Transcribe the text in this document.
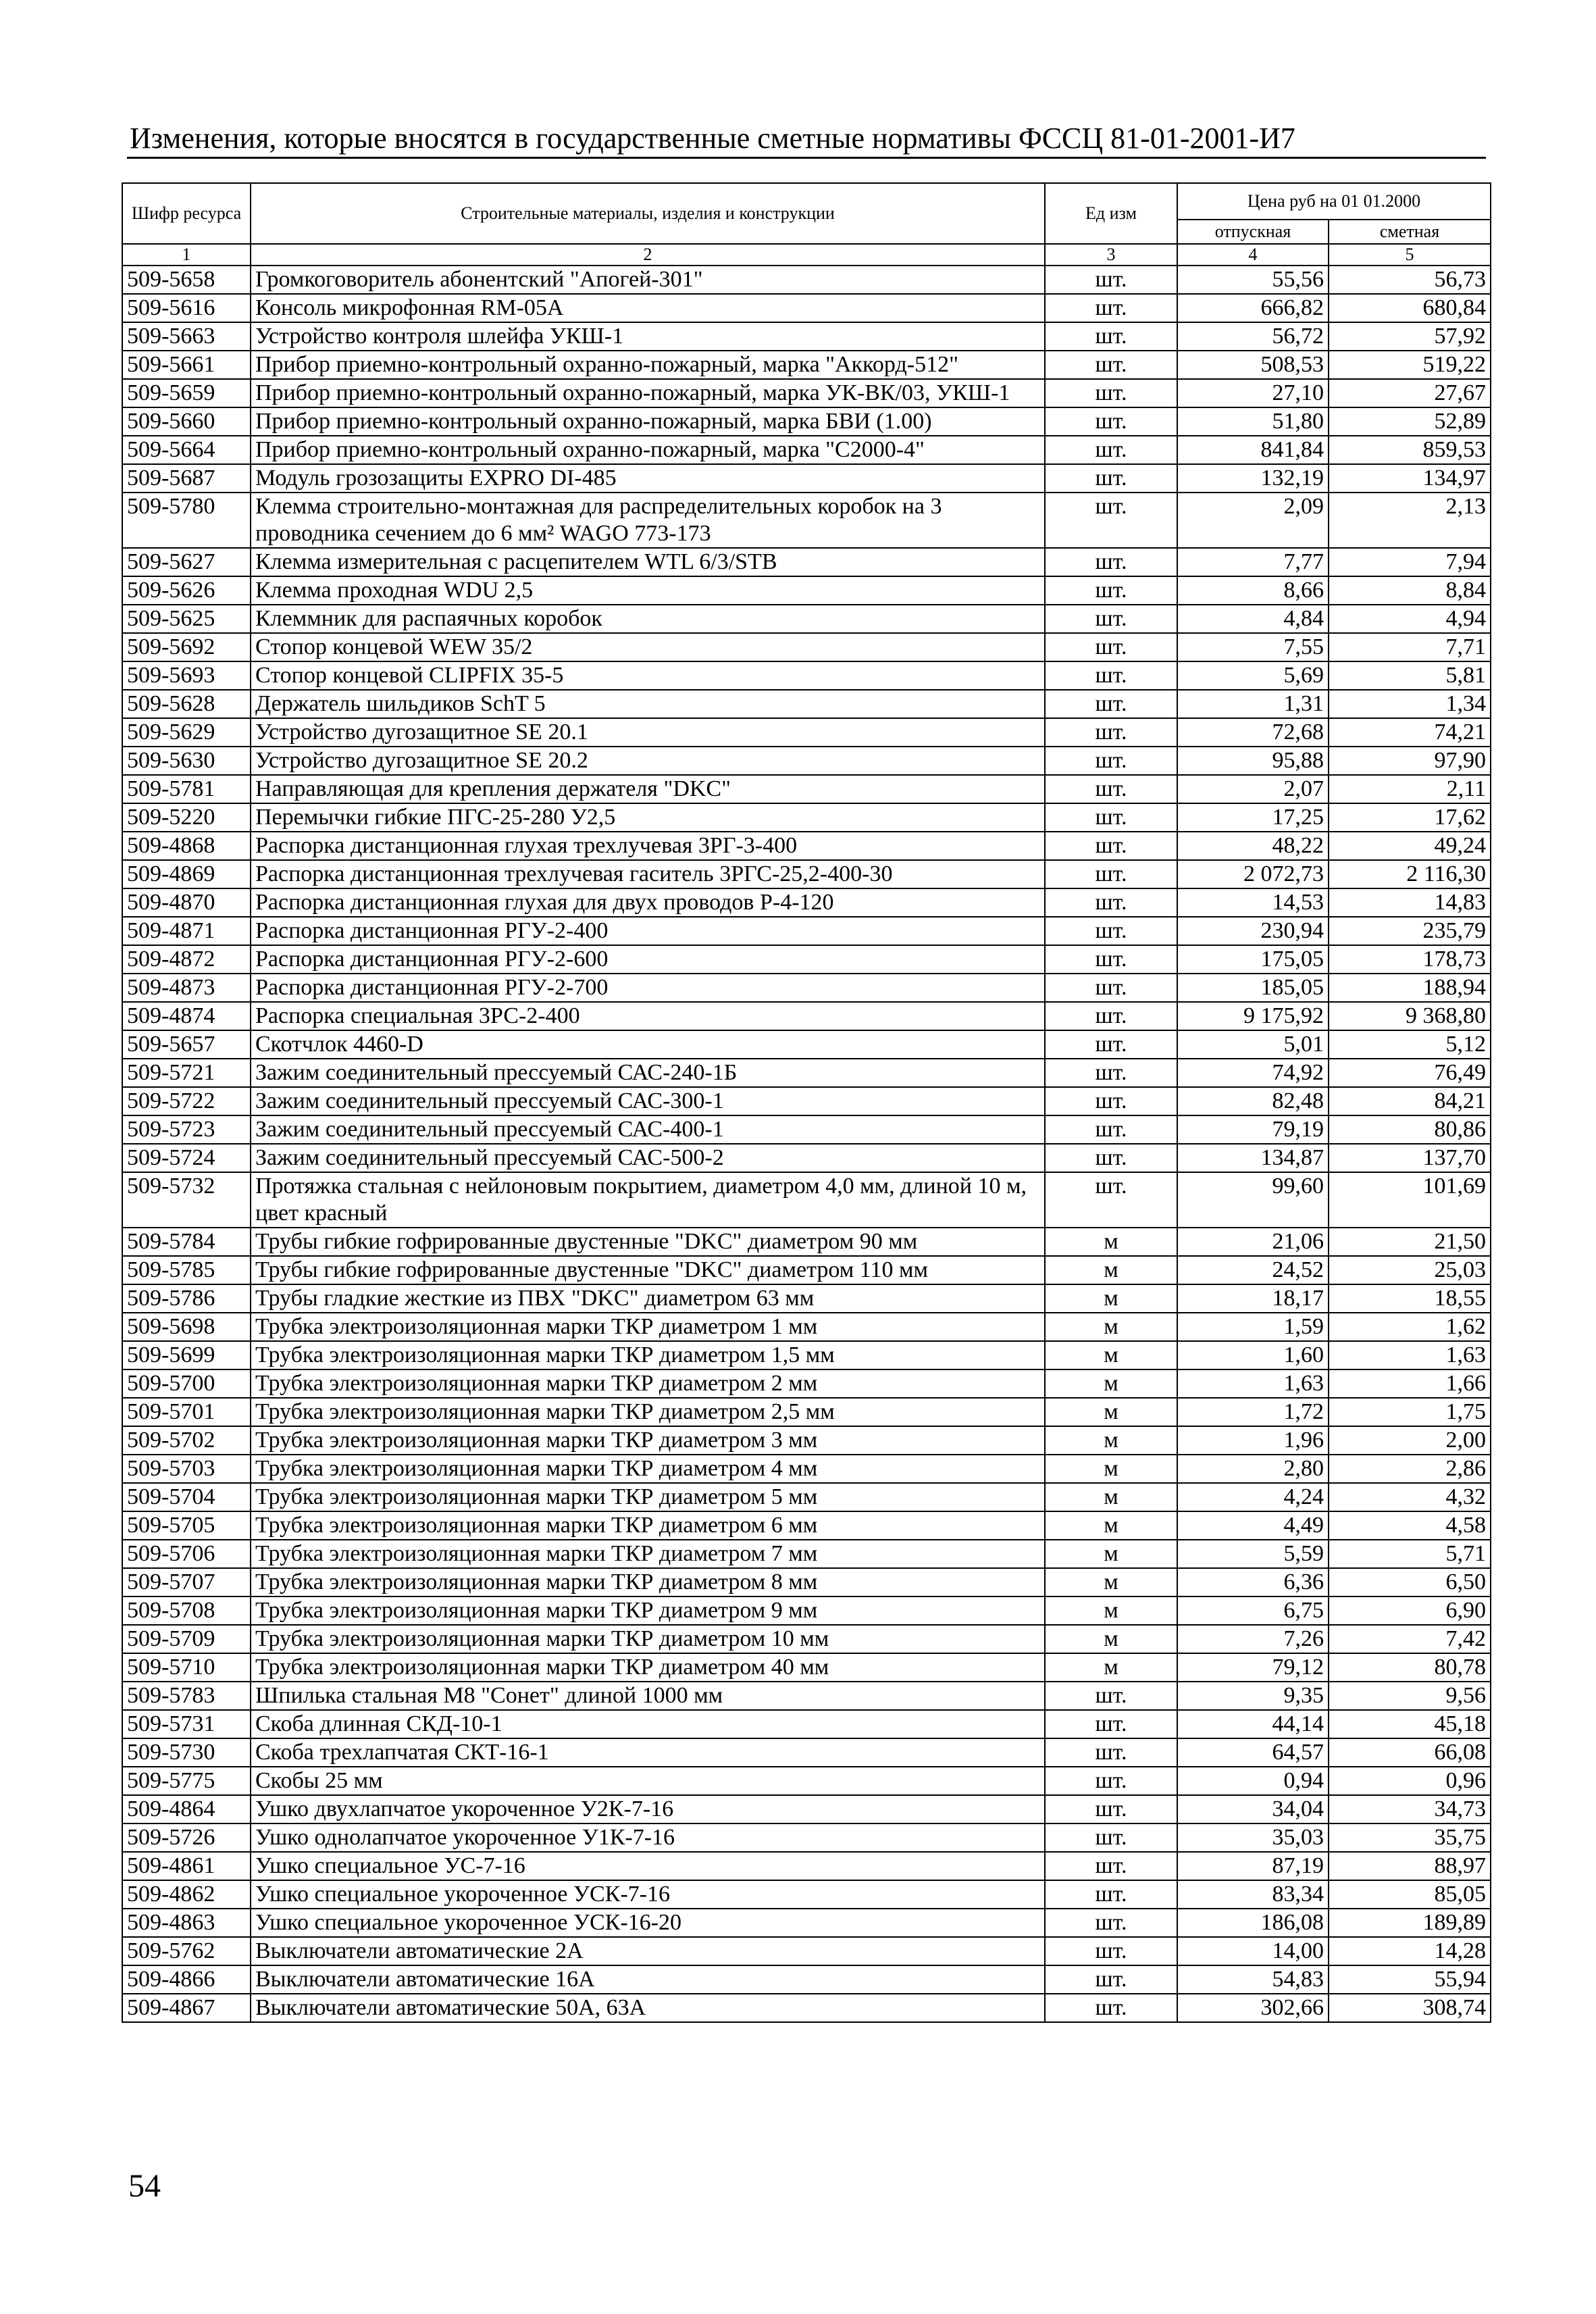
Изменения, которые вносятся в государственные сметные нормативы ФССЦ 81-01-2001-И7
Шифр ресурса	Строительные материалы, изделия и конструкции	Ед изм	Цена руб на 01 01.2000	
			отпускная	сметная
1	2	3	4	5
509-5658	Громкоговоритель абонентский "Апогей-301"	шт.	55,56	56,73
509-5616	Консоль микрофонная RM-05A	шт.	666,82	680,84
509-5663	Устройство контроля шлейфа УКШ-1	шт.	56,72	57,92
509-5661	Прибор приемно-контрольный охранно-пожарный, марка "Аккорд-512"	шт.	508,53	519,22
509-5659	Прибор приемно-контрольный охранно-пожарный, марка УК-ВК/03, УКШ-1	шт.	27,10	27,67
509-5660	Прибор приемно-контрольный охранно-пожарный, марка БВИ (1.00)	шт.	51,80	52,89
509-5664	Прибор приемно-контрольный охранно-пожарный, марка "С2000-4"	шт.	841,84	859,53
509-5687	Модуль грозозащиты EXPRO DI-485	шт.	132,19	134,97
509-5780	Клемма строительно-монтажная для распределительных коробок на 3 проводника сечением до 6 мм² WAGO 773-173	шт.	2,09	2,13
509-5627	Клемма измерительная с расцепителем WTL 6/3/STB	шт.	7,77	7,94
509-5626	Клемма проходная WDU 2,5	шт.	8,66	8,84
509-5625	Клеммник для распаячных коробок	шт.	4,84	4,94
509-5692	Стопор концевой WEW 35/2	шт.	7,55	7,71
509-5693	Стопор концевой CLIPFIX 35-5	шт.	5,69	5,81
509-5628	Держатель шильдиков SchT 5	шт.	1,31	1,34
509-5629	Устройство дугозащитное SE 20.1	шт.	72,68	74,21
509-5630	Устройство дугозащитное SE 20.2	шт.	95,88	97,90
509-5781	Направляющая для крепления держателя "DKC"	шт.	2,07	2,11
509-5220	Перемычки гибкие ПГС-25-280 У2,5	шт.	17,25	17,62
509-4868	Распорка дистанционная глухая трехлучевая 3РГ-3-400	шт.	48,22	49,24
509-4869	Распорка дистанционная трехлучевая гаситель 3РГС-25,2-400-30	шт.	2 072,73	2 116,30
509-4870	Распорка дистанционная глухая для двух проводов Р-4-120	шт.	14,53	14,83
509-4871	Распорка дистанционная РГУ-2-400	шт.	230,94	235,79
509-4872	Распорка дистанционная РГУ-2-600	шт.	175,05	178,73
509-4873	Распорка дистанционная РГУ-2-700	шт.	185,05	188,94
509-4874	Распорка специальная 3РС-2-400	шт.	9 175,92	9 368,80
509-5657	Скотчлок 4460-D	шт.	5,01	5,12
509-5721	Зажим соединительный прессуемый САС-240-1Б	шт.	74,92	76,49
509-5722	Зажим соединительный прессуемый САС-300-1	шт.	82,48	84,21
509-5723	Зажим соединительный прессуемый САС-400-1	шт.	79,19	80,86
509-5724	Зажим соединительный прессуемый САС-500-2	шт.	134,87	137,70
509-5732	Протяжка стальная с нейлоновым покрытием, диаметром 4,0 мм, длиной 10 м, цвет красный	шт.	99,60	101,69
509-5784	Трубы гибкие гофрированные двустенные "DKC" диаметром 90 мм	м	21,06	21,50
509-5785	Трубы гибкие гофрированные двустенные "DKC" диаметром 110 мм	м	24,52	25,03
509-5786	Трубы гладкие жесткие из ПВХ "DKC" диаметром 63 мм	м	18,17	18,55
509-5698	Трубка электроизоляционная марки ТКР диаметром 1 мм	м	1,59	1,62
509-5699	Трубка электроизоляционная марки ТКР диаметром 1,5 мм	м	1,60	1,63
509-5700	Трубка электроизоляционная марки ТКР диаметром 2 мм	м	1,63	1,66
509-5701	Трубка электроизоляционная марки ТКР диаметром 2,5 мм	м	1,72	1,75
509-5702	Трубка электроизоляционная марки ТКР диаметром 3 мм	м	1,96	2,00
509-5703	Трубка электроизоляционная марки ТКР диаметром 4 мм	м	2,80	2,86
509-5704	Трубка электроизоляционная марки ТКР диаметром 5 мм	м	4,24	4,32
509-5705	Трубка электроизоляционная марки ТКР диаметром 6 мм	м	4,49	4,58
509-5706	Трубка электроизоляционная марки ТКР диаметром 7 мм	м	5,59	5,71
509-5707	Трубка электроизоляционная марки ТКР диаметром 8 мм	м	6,36	6,50
509-5708	Трубка электроизоляционная марки ТКР диаметром 9 мм	м	6,75	6,90
509-5709	Трубка электроизоляционная марки ТКР диаметром 10 мм	м	7,26	7,42
509-5710	Трубка электроизоляционная марки ТКР диаметром 40 мм	м	79,12	80,78
509-5783	Шпилька стальная М8 "Сонет" длиной 1000 мм	шт.	9,35	9,56
509-5731	Скоба длинная СКД-10-1	шт.	44,14	45,18
509-5730	Скоба трехлапчатая СКТ-16-1	шт.	64,57	66,08
509-5775	Скобы 25 мм	шт.	0,94	0,96
509-4864	Ушко двухлапчатое укороченное У2К-7-16	шт.	34,04	34,73
509-5726	Ушко однолапчатое укороченное У1К-7-16	шт.	35,03	35,75
509-4861	Ушко специальное УС-7-16	шт.	87,19	88,97
509-4862	Ушко специальное укороченное УСК-7-16	шт.	83,34	85,05
509-4863	Ушко специальное укороченное УСК-16-20	шт.	186,08	189,89
509-5762	Выключатели автоматические 2А	шт.	14,00	14,28
509-4866	Выключатели автоматические 16А	шт.	54,83	55,94
509-4867	Выключатели автоматические 50А, 63А	шт.	302,66	308,74
54
